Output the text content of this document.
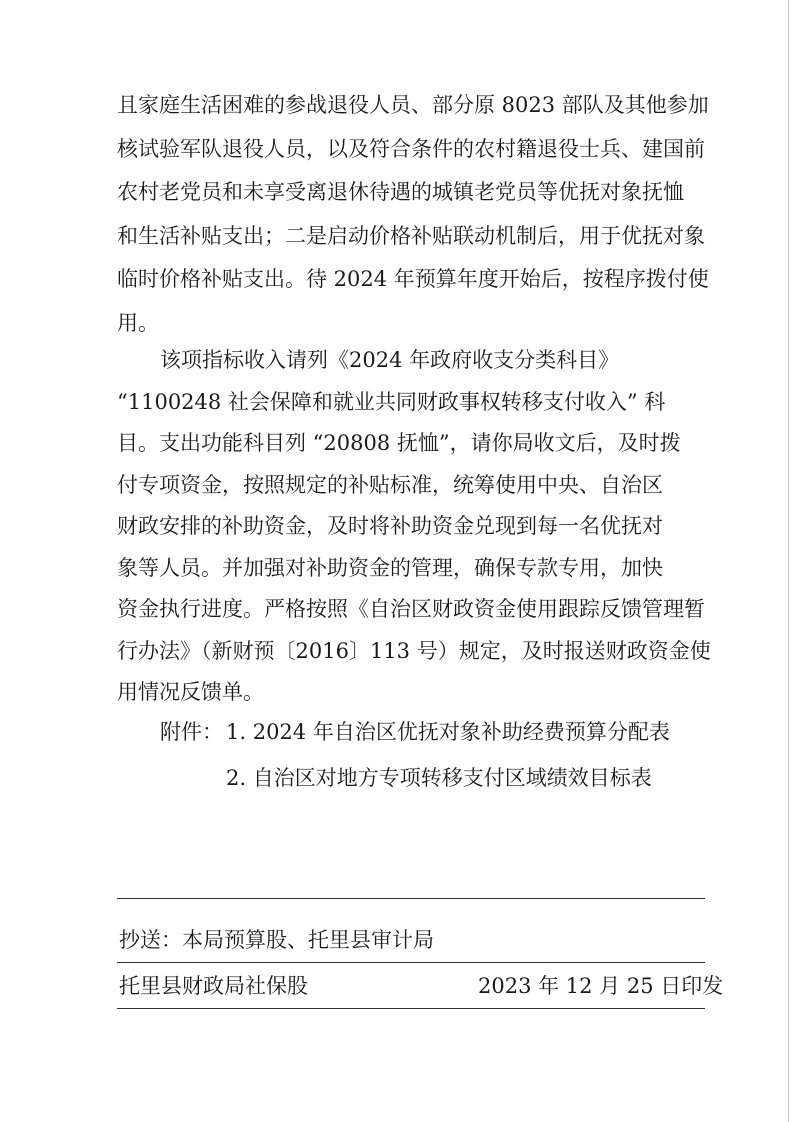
且家庭生活困难的参战退役人员、部分原 8023 部队及其他参加
核试验军队退役人员，以及符合条件的农村籍退役士兵、建国前
农村老党员和未享受离退休待遇的城镇老党员等优抚对象抚恤
和生活补贴支出；二是启动价格补贴联动机制后，用于优抚对象
临时价格补贴支出。待 2024 年预算年度开始后，按程序拨付使
用。
该项指标收入请列《2024 年政府收支分类科目》
“1100248 社会保障和就业共同财政事权转移支付收入” 科
目。支出功能科目列 “20808 抚恤”，请你局收文后，及时拨
付专项资金，按照规定的补贴标准，统筹使用中央、自治区
财政安排的补助资金，及时将补助资金兑现到每一名优抚对
象等人员。并加强对补助资金的管理，确保专款专用，加快
资金执行进度。严格按照《自治区财政资金使用跟踪反馈管理暂
行办法》（新财预〔2016〕113 号）规定，及时报送财政资金使
用情况反馈单。
附件： 1. 2024 年自治区优抚对象补助经费预算分配表
2. 自治区对地方专项转移支付区域绩效目标表
抄送：本局预算股、托里县审计局
托里县财政局社保股	2023 年 12 月 25 日印发
